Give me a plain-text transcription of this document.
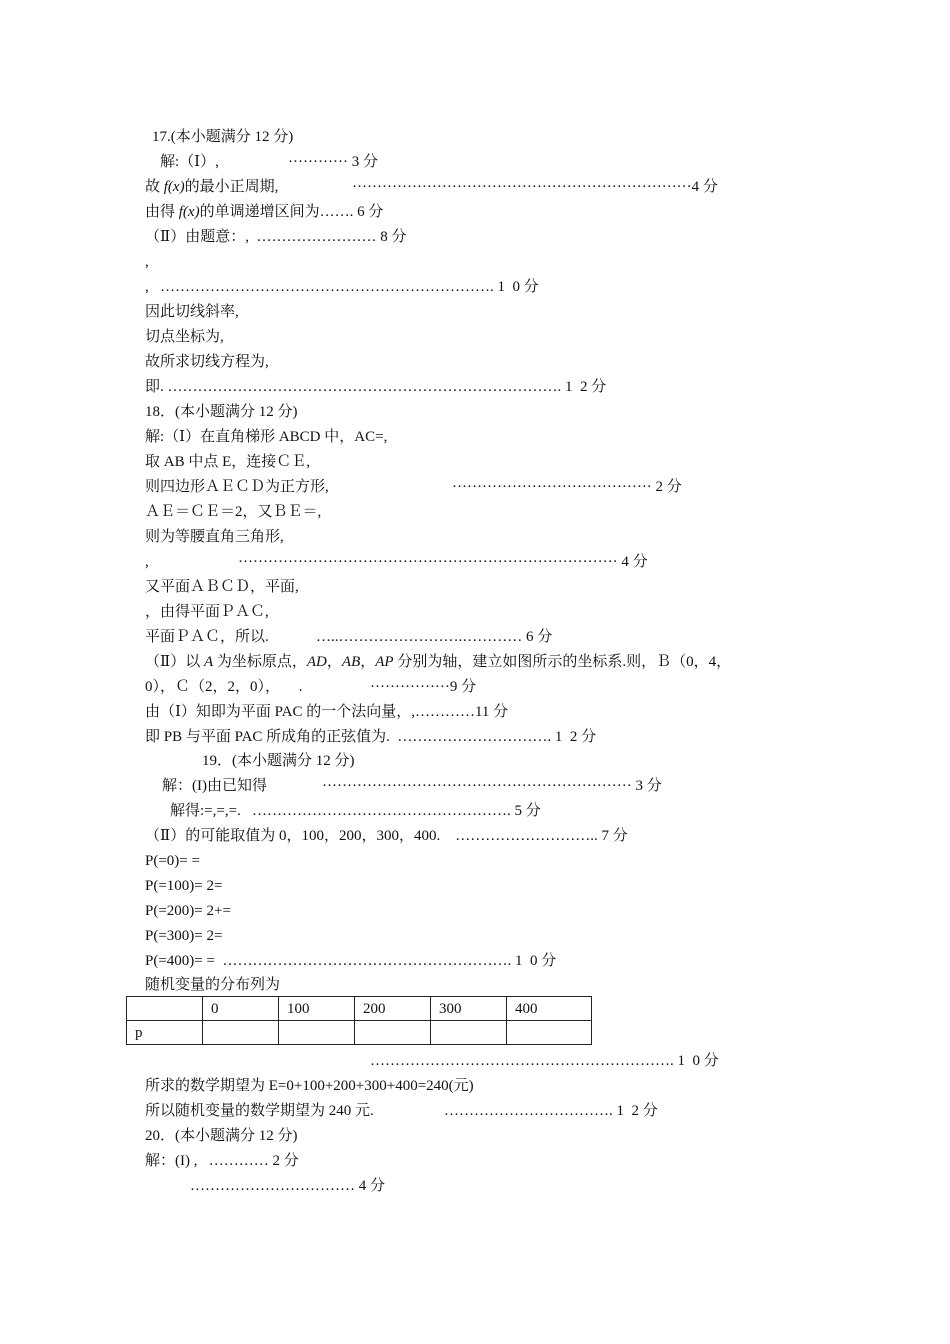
17.(本小题满分 12 分)
解:（Ⅰ）,	············ 3 分
故 f(x)的最小正周期,	····································································4 分
由得 f(x)的单调递增区间为……. 6 分
（Ⅱ）由题意：,  …………………… 8 分
,
,   …………………………………………………………. 1  0 分
因此切线斜率,
切点坐标为,
故所求切线方程为,
即. ……………………………………………………………………. 1  2 分
18．(本小题满分 12 分)
解:（Ⅰ）在直角梯形 ABCD 中，AC=,
取 AB 中点 E，连接ＣＥ,
则四边形ＡＥＣＤ为正方形,	········································ 2 分
ＡＥ＝ＣＥ＝2，又ＢＥ＝,
则为等腰直角三角形,
,	············································································ 4 分
又平面ＡＢＣＤ，平面,
，由得平面ＰＡＣ,
平面ＰＡＣ，所以.	…..…………………….………… 6 分
（Ⅱ）以 A 为坐标原点，AD，AB，AP 分别为轴，建立如图所示的坐标系.则，Ｂ（0，4，
0），Ｃ（2，2，0），     .	················9 分
由（Ⅰ）知即为平面 PAC 的一个法向量，,…………11 分
即 PB 与平面 PAC 所成角的正弦值为.  …………………………. 1  2 分
19．(本小题满分 12 分)
解：(I)由已知得	······························································ 3 分
解得:=,=,=.   ……………………………………………. 5 分
（Ⅱ）的可能取值为 0，100，200，300，400.    ……………………….. 7 分
P(=0)= =
P(=100)= 2=
P(=200)= 2+=
P(=300)= 2=
P(=400)= =  …………………………………………………. 1  0 分
随机变量的分布列为
	0	100	200	300	400
p					
……………………………………………………. 1  0 分
所求的数学期望为 E=0+100+200+300+400=240(元)
所以随机变量的数学期望为 240 元.	……………………………. 1  2 分
20．(本小题满分 12 分)
解：(I) ,   ………… 2 分
…………………………… 4 分
